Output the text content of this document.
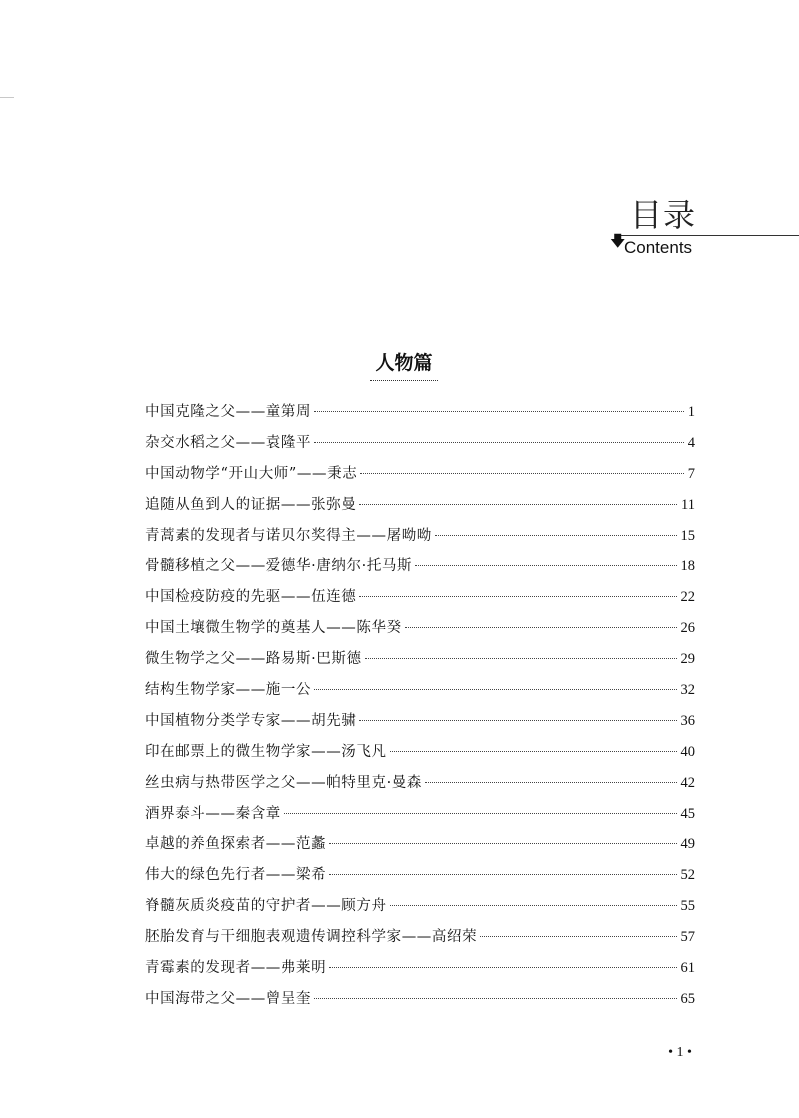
目录
🡇
Contents
人物篇
中国克隆之父——童第周	1
杂交水稻之父——袁隆平	4
中国动物学“开山大师”——秉志	7
追随从鱼到人的证据——张弥曼	11
青蒿素的发现者与诺贝尔奖得主——屠呦呦	15
骨髓移植之父——爱德华·唐纳尔·托马斯	18
中国检疫防疫的先驱——伍连德	22
中国土壤微生物学的奠基人——陈华癸	26
微生物学之父——路易斯·巴斯德	29
结构生物学家——施一公	32
中国植物分类学专家——胡先骕	36
印在邮票上的微生物学家——汤飞凡	40
丝虫病与热带医学之父——帕特里克·曼森	42
酒界泰斗——秦含章	45
卓越的养鱼探索者——范蠡	49
伟大的绿色先行者——梁希	52
脊髓灰质炎疫苗的守护者——顾方舟	55
胚胎发育与干细胞表观遗传调控科学家——高绍荣	57
青霉素的发现者——弗莱明	61
中国海带之父——曾呈奎	65
• 1 •
